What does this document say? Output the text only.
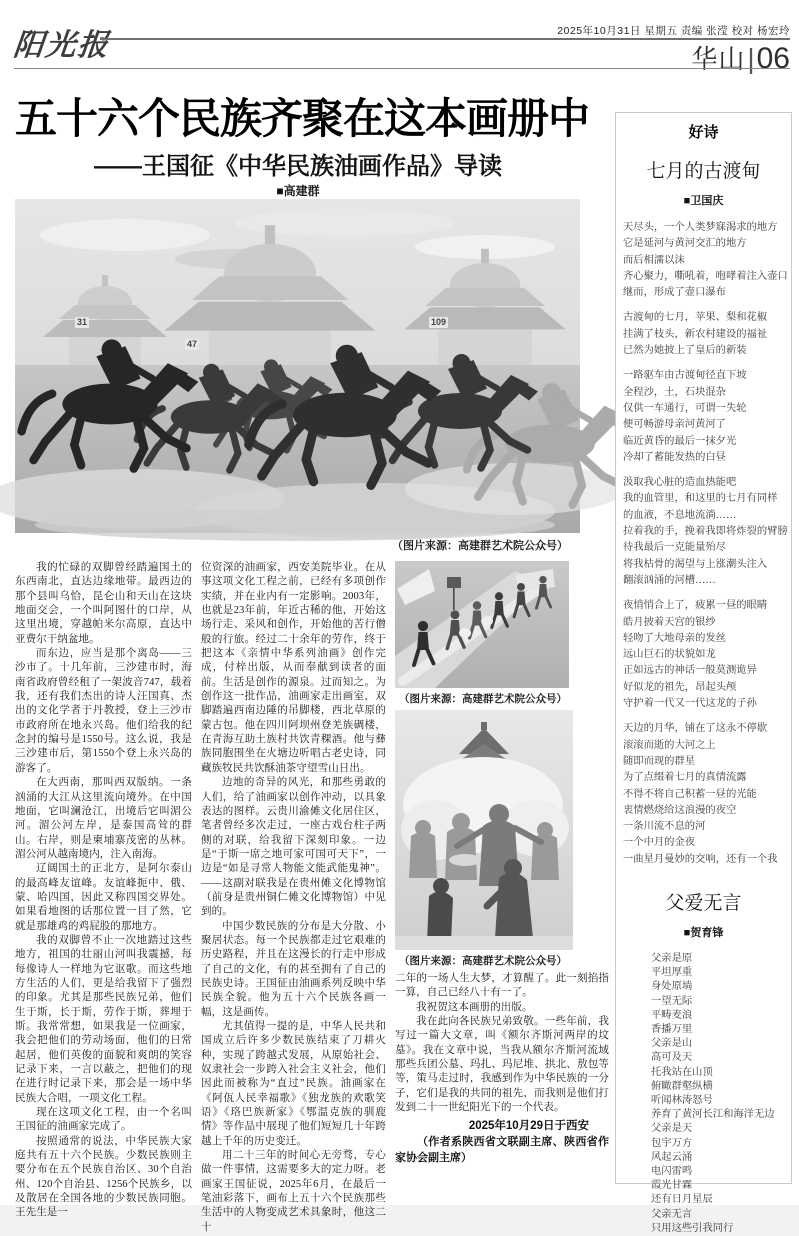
阳光报	2025年10月31日 星期五 责编 张滢 校对 杨宏玲
华山|06
五十六个民族齐聚在这本画册中
——王国征《中华民族油画作品》导读
■高建群
31
47
109
（图片来源：高建群艺术院公众号）
我的忙碌的双脚曾经踏遍国土的东西南北，直达边缘地带。最西边的那个县叫乌恰，昆仑山和天山在这块地面交会，一个叫阿图什的口岸，从这里出境，穿越帕米尔高原，直达中亚费尔干纳盆地。
而东边，应当是那个离岛——三沙市了。十几年前，三沙建市时，海南省政府曾经租了一架波音747，载着我，还有我们杰出的诗人汪国真、杰出的文化学者于丹教授，登上三沙市市政府所在地永兴岛。他们给我的纪念封的编号是1550号。这么说，我是三沙建市后，第1550个登上永兴岛的游客了。
在大西南，那叫西双版纳。一条汹涌的大江从这里流向境外。在中国地面，它叫澜沧江，出境后它叫湄公河。湄公河左岸，是泰国高耸的群山。右岸，则是柬埔寨茂密的丛林。湄公河从越南境内，注入南海。
辽阔国土的正北方，是阿尔泰山的最高峰友谊峰。友谊峰扼中、俄、蒙、哈四国，因此又称四国交界处。如果看地图的话那位置一目了然，它就是那雄鸡的鸡屁股的那地方。
我的双脚曾不止一次地踏过这些地方，祖国的壮丽山河叫我震撼，每每像诗人一样地为它讴歌。而这些地方生活的人们，更是给我留下了强烈的印象。尤其是那些民族兄弟，他们生于斯，长于斯，劳作于斯，葬埋于斯。我常常想，如果我是一位画家，我会把他们的劳动场面，他们的日常起居，他们英俊的面貌和爽朗的笑容记录下来，一言以蔽之，把他们的现在进行时记录下来，那会是一场中华民族大合唱，一项文化工程。
现在这项文化工程，由一个名叫王国征的油画家完成了。
按照通常的说法，中华民族大家庭共有五十六个民族。少数民族则主要分布在五个民族自治区、30个自治州、120个自治县、1256个民族乡，以及散居在全国各地的少数民族同胞。王先生是一
位资深的油画家，西安美院毕业。在从事这项文化工程之前，已经有多项创作实绩，并在业内有一定影响。2003年，也就是23年前，年近古稀的他，开始这场行走、采风和创作，开始他的苦行僧般的行旅。经过二十余年的劳作，终于把这本《亲情中华系列油画》创作完成，付梓出版，从而奉献到读者的面前。生活是创作的源泉。过而知之。为创作这一批作品，油画家走出画室，双脚踏遍西南边陲的吊脚楼，西北草原的蒙古包。他在四川阿坝州登羌族碉楼，在青海互助土族村共饮青稞酒。他与彝族同胞围坐在火塘边听唱古老史诗，同藏族牧民共饮酥油茶守望雪山日出。
边地的奇异的风光，和那些勇敢的人们，给了油画家以创作冲动，以具象表达的图样。云贵川渝傩文化居住区，笔者曾经多次走过，一座古戏台柱子两侧的对联，给我留下深刻印象。一边是“于斯一席之地可家可国可天下”，一边是“如是寻常人物能文能武能鬼神”。——这副对联我是在贵州傩文化博物馆（前身是贵州铜仁傩文化博物馆）中见到的。
中国少数民族的分布是大分散、小聚居状态。每一个民族都走过它艰难的历史路程，并且在这漫长的行走中形成了自己的文化，有的甚至拥有了自己的民族史诗。王国征由油画系列反映中华民族全貌。他为五十六个民族各画一幅，这是画传。
尤其值得一提的是，中华人民共和国成立后许多少数民族结束了刀耕火种，实现了跨越式发展，从原始社会、奴隶社会一步跨入社会主义社会，他们因此而被称为“直过”民族。油画家在《阿佤人民幸福歌》《独龙族的欢歌笑语》《珞巴族新家》《鄂温克族的驯鹿情》等作品中展现了他们短短几十年跨越上千年的历史变迁。
用二十三年的时间心无旁骛，专心做一件事情，这需要多大的定力呀。老画家王国征说，2025年6月，在最后一笔油彩落下，画布上五十六个民族那些生活中的人物变成艺术具象时，他这二十
（图片来源：高建群艺术院公众号）
（图片来源：高建群艺术院公众号）
二年的一场人生大梦，才算醒了。此一刻掐指一算，自己已经八十有一了。
我祝贺这本画册的出版。
我在此向各民族兄弟致敬。一些年前，我写过一篇大文章，叫《额尔齐斯河两岸的坟墓》。我在文章中说，当我从额尔齐斯河流域那些兵团公墓、玛扎、玛尼堆、拱北、敖包等等，策马走过时，我感到作为中华民族的一分子，它们是我的共同的祖先，而我则是他们打发到二十一世纪阳光下的一个代表。
2025年10月29日于西安
（作者系陕西省文联副主席、陕西省作家协会副主席）
好诗
七月的古渡甸
■卫国庆
天尽头，一个人类梦寐渴求的地方
它是延河与黄河交汇的地方
而后相濡以沫
齐心聚力，嘶吼着，咆哮着注入壶口
继而，形成了壶口瀑布
古渡甸的七月，苹果、梨和花椒
挂满了枝头，新农村建设的福祉
已然为她披上了皇后的新装
一路驱车由古渡甸径直下坡
全程沙，土，石块混杂
仅供一车通行，可谓一失轮
便可畅游母亲河黄河了
临近黄昏的最后一抹夕光
冷却了蓄能发热的白昼
汲取我心脏的造血热能吧
我的血管里，和这里的七月有同样
的血液，不息地流淌……
拉着我的手，挽着我即将炸裂的臂膀
待我最后一克能量殆尽
将我枯骨的渴望与上涨潮头注入
翻滚汹涌的河槽……
夜悄悄合上了，疲累一昼的眼睛
皓月披着天宫的银纱
轻吻了大地母亲的发丝
远山巨石的状貌如龙
正如远古的神话一般莫测诡异
好似龙的祖先，昂起头颅
守护着一代又一代这龙的子孙
天边的月华，铺在了这永不停歇
滚滚而逝的大河之上
随即而现的群星
为了点缀着七月的真情流露
不得不将自己积蓄一昼的光能
衷情燃烧给这浪漫的夜空
一条川流不息的河
一个中月的金夜
一曲星月曼妙的交响，还有一个我
父爱无言
■贺育锋
父亲是原
平坦厚重
身处原埫
一望无际
平畴麦浪
香播万里
父亲是山
高可及天
托我站在山顶
俯瞰群壑纵横
听闻林涛怒号
养育了黄河长江和海洋无边
父亲是天
包宇万方
风起云涌
电闪雷鸣
霞光甘霖
还有日月星辰
父亲无言
只用这些引我同行
